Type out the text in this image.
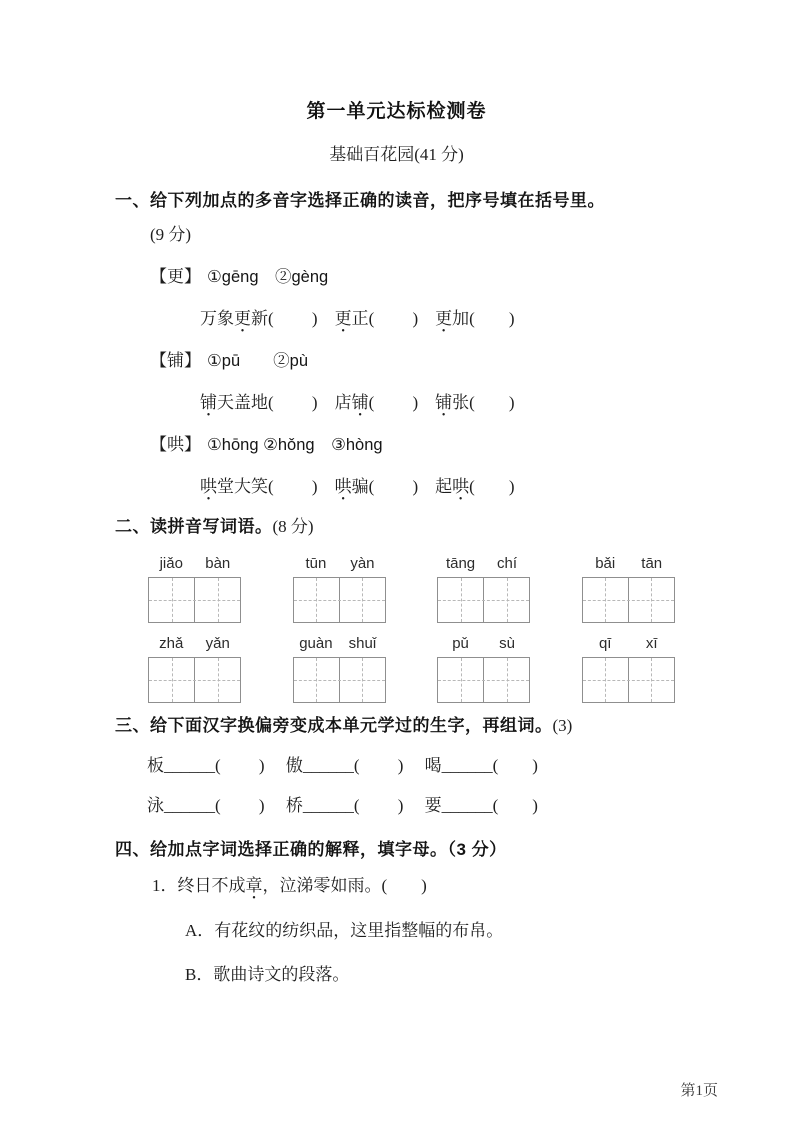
第一单元达标检测卷
基础百花园(41 分)
一、给下列加点的多音字选择正确的读音，把序号填在括号里。
(9 分)
【更】 ①gēng　②gèng
万象更新(　　 )　更正(　　 )　更加(　　)
【铺】 ①pū　　②pù
铺天盖地(　　 )　店铺(　　 )　铺张(　　)
【哄】 ①hōng ②hǒng　③hòng
哄堂大笑(　　 )　哄骗(　　 )　起哄(　　)
二、读拼音写词语。(8 分)
jiǎo	bàn	tūn	yàn	tāng	chí	bǎi	tān
zhǎ	yǎn	guàn	shuǐ	pǔ	sù	qī	xī
三、给下面汉字换偏旁变成本单元学过的生字，再组词。(3)
板______(　　 )　 傲______(　　 )　 喝______(　　)
泳______(　　 )　 桥______(　　 )　 要______(　　)
四、给加点字词选择正确的解释，填字母。（3 分）
1．终日不成章，泣涕零如雨。(　　)
A．有花纹的纺织品，这里指整幅的布帛。
B．歌曲诗文的段落。
第1页
